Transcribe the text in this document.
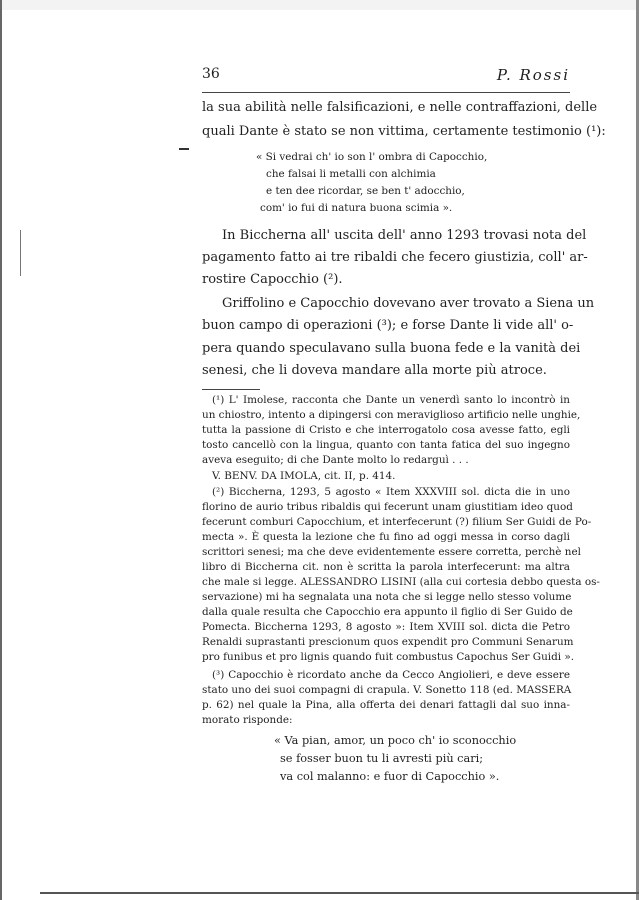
36	P. Rossi
la sua abilità nelle falsificazioni, e nelle contraffazioni, delle
quali Dante è stato se non vittima, certamente testimonio (¹):
« Si vedrai ch' io son l' ombra di Capocchio,
che falsai li metalli con alchimia
e ten dee ricordar, se ben t' adocchio,
com' io fui di natura buona scimia ».
In Biccherna all' uscita dell' anno 1293 trovasi nota del
pagamento fatto ai tre ribaldi che fecero giustizia, coll' ar-
rostire Capocchio (²).
Griffolino e Capocchio dovevano aver trovato a Siena un
buon campo di operazioni (³); e forse Dante li vide all' o-
pera quando speculavano sulla buona fede e la vanità dei
senesi, che li doveva mandare alla morte più atroce.
(¹) L' Imolese, racconta che Dante un venerdì santo lo incontrò in
un chiostro, intento a dipingersi con meraviglioso artificio nelle unghie,
tutta la passione di Cristo e che interrogatolo cosa avesse fatto, egli
tosto cancellò con la lingua, quanto con tanta fatica del suo ingegno
aveva eseguito; di che Dante molto lo redarguì . . .
V. BENV. DA IMOLA, cit. II, p. 414.
(²) Biccherna, 1293, 5 agosto « Item XXXVIII sol. dicta die in uno
florino de aurio tribus ribaldis qui fecerunt unam giustitiam ideo quod
fecerunt comburi Capocchium, et interfecerunt (?) filium Ser Guidi de Po-
mecta ». È questa la lezione che fu fino ad oggi messa in corso dagli
scrittori senesi; ma che deve evidentemente essere corretta, perchè nel
libro di Biccherna cit. non è scritta la parola interfecerunt: ma altra
che male si legge. ALESSANDRO LISINI (alla cui cortesia debbo questa os-
servazione) mi ha segnalata una nota che si legge nello stesso volume
dalla quale resulta che Capocchio era appunto il figlio di Ser Guido de
Pomecta. Biccherna 1293, 8 agosto »: Item XVIII sol. dicta die Petro
Renaldi suprastanti prescionum quos expendit pro Communi Senarum
pro funibus et pro lignis quando fuit combustus Capochus Ser Guidi ».
(³) Capocchio è ricordato anche da Cecco Angiolieri, e deve essere
stato uno dei suoi compagni di crapula. V. Sonetto 118 (ed. MASSERA
p. 62) nel quale la Pina, alla offerta dei denari fattagli dal suo inna-
morato risponde:
« Va pian, amor, un poco ch' io sconocchio
se fosser buon tu li avresti più cari;
va col malanno: e fuor di Capocchio ».
